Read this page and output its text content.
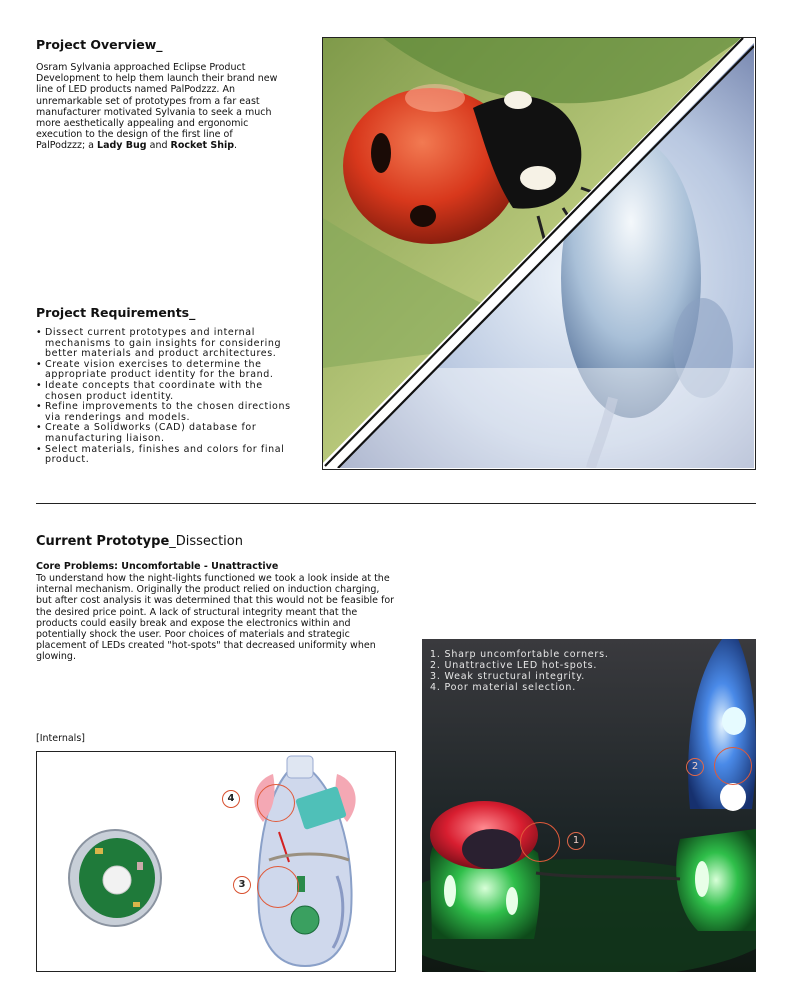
Project Overview_
Osram Sylvania approached Eclipse Product Development to help them launch their brand new line of LED products named PalPodzzz. An unremarkable set of prototypes from a far east manufacturer motivated Sylvania to seek a much more aesthetically appealing and ergonomic execution to the design of the first line of PalPodzzz; a Lady Bug and Rocket Ship.
Project Requirements_
• Dissect current prototypes and internal mechanisms to gain insights for considering better materials and product architectures.
• Create vision exercises to determine the appropriate product identity for the brand.
• Ideate concepts that coordinate with the chosen product identity.
• Refine improvements to the chosen directions via renderings and models.
• Create a Solidworks (CAD) database for manufacturing liaison.
• Select materials, finishes and colors for final product.
Current Prototype_Dissection
Core Problems: Uncomfortable - Unattractive
To understand how the night-lights functioned we took a look inside at the internal mechanism. Originally the product relied on induction charging, but after cost analysis it was determined that this would not be feasible for the desired price point. A lack of structural integrity meant that the products could easily break and expose the electronics within and potentially shock the user. Poor choices of materials and strategic placement of LEDs created "hot-spots" that decreased uniformity when glowing.
[Internals]
4
3
1. Sharp uncomfortable corners.
2. Unattractive LED hot-spots.
3. Weak structural integrity.
4. Poor material selection.
2
1
